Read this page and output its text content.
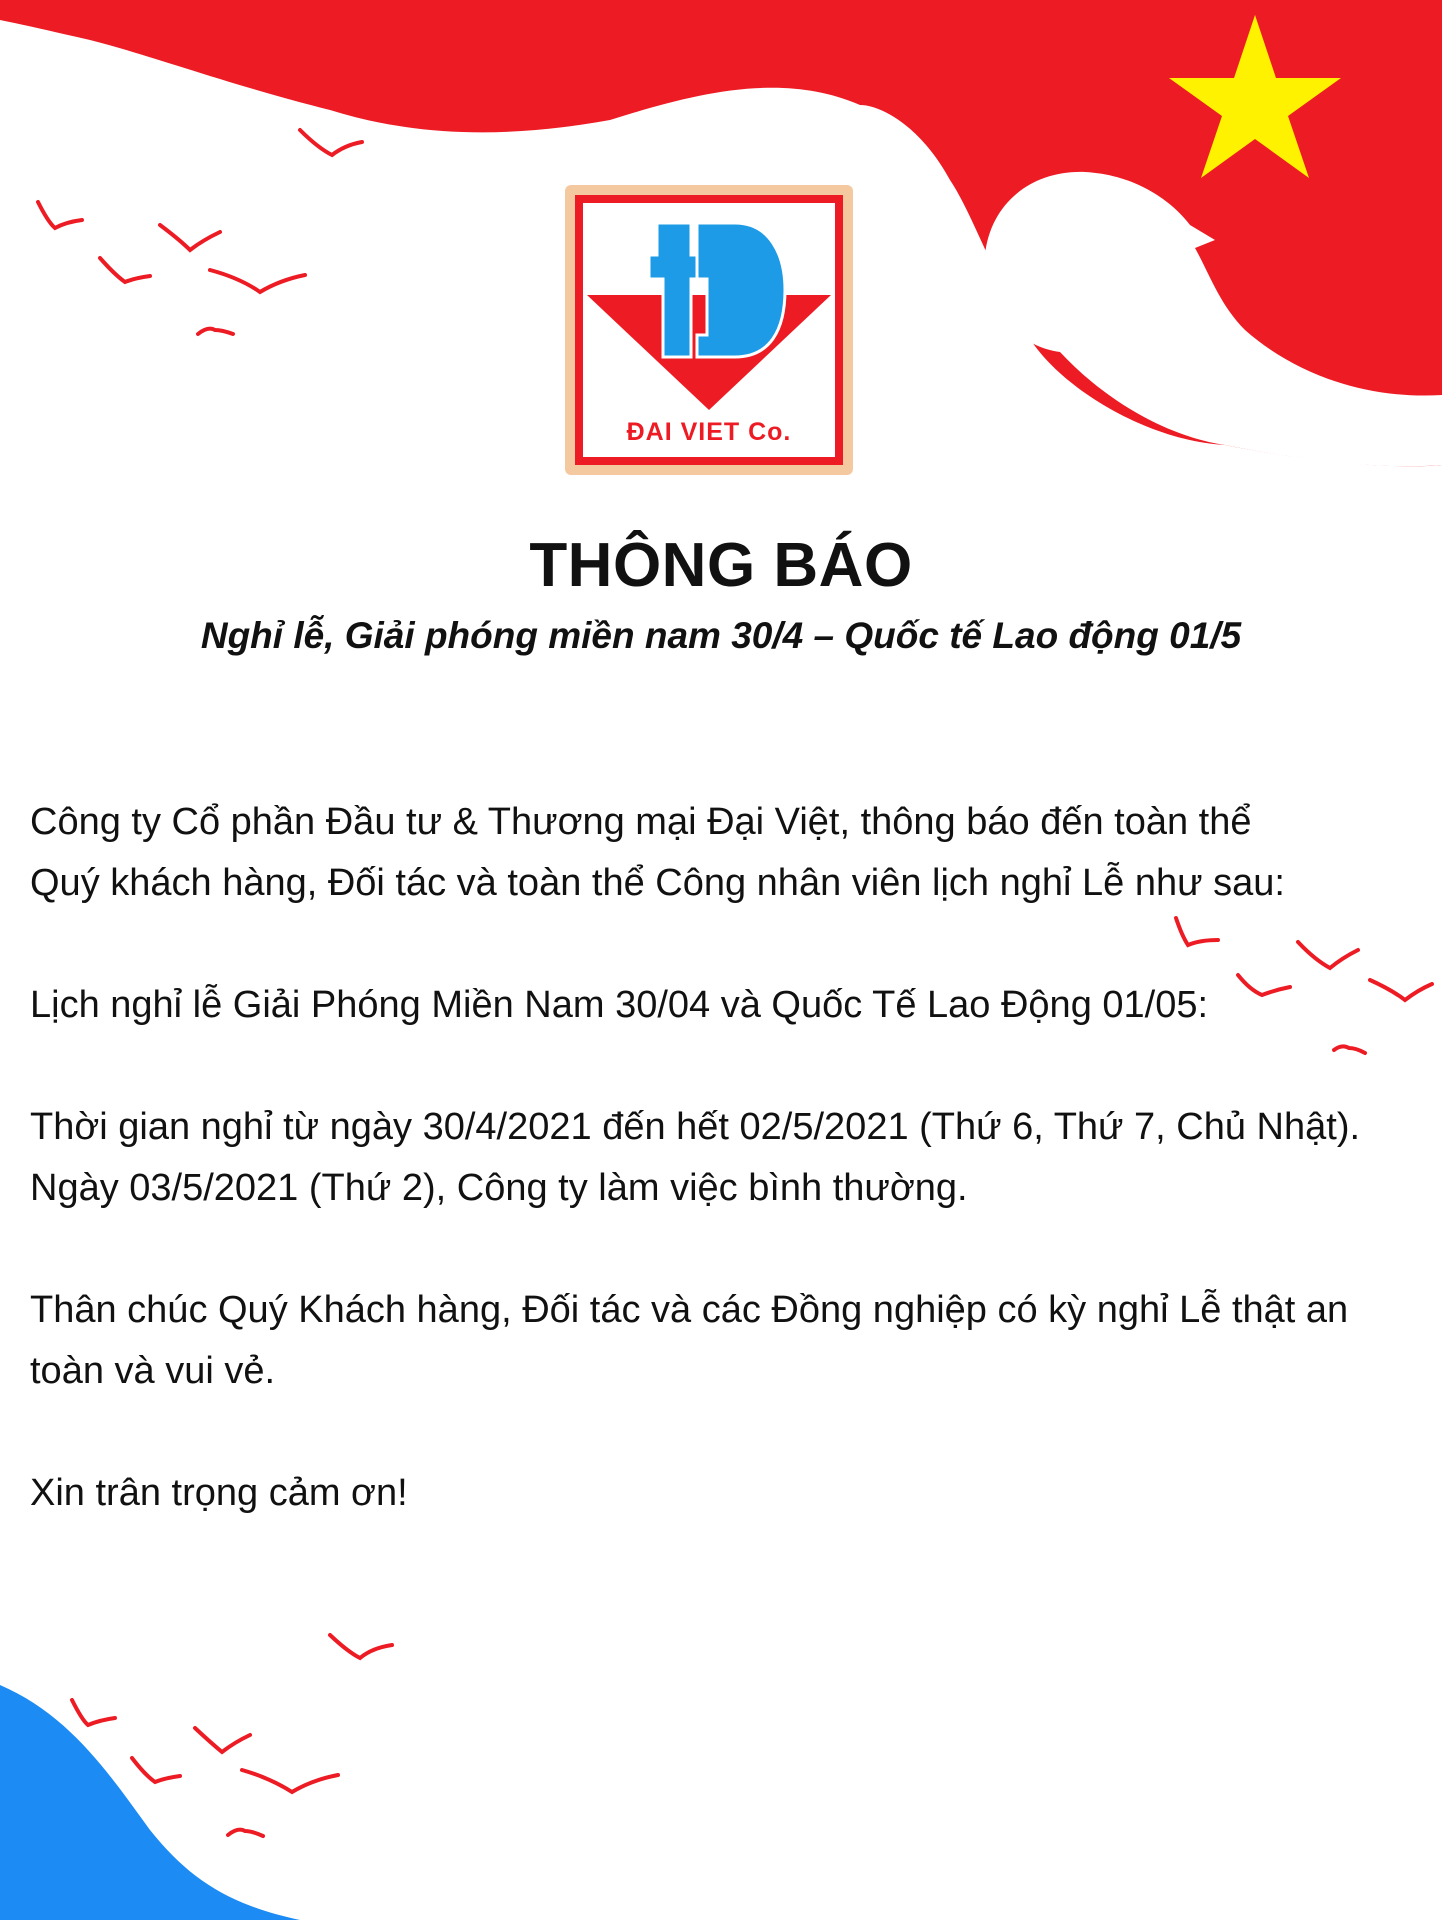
ĐAI VIET Co.
THÔNG BÁO
Nghỉ lễ, Giải phóng miền nam 30/4 – Quốc tế Lao động 01/5

Công ty Cổ phần Đầu tư & Thương mại Đại Việt, thông báo đến toàn thể

Quý khách hàng, Đối tác và toàn thể Công nhân viên lịch nghỉ Lễ như sau:

Lịch nghỉ lễ Giải Phóng Miền Nam 30/04 và Quốc Tế Lao Động 01/05:

Thời gian nghỉ từ ngày 30/4/2021 đến hết 02/5/2021 (Thứ 6, Thứ 7, Chủ Nhật).

Ngày 03/5/2021 (Thứ 2), Công ty làm việc bình thường.

Thân chúc Quý Khách hàng, Đối tác và các Đồng nghiệp có kỳ nghỉ Lễ thật an

toàn và vui vẻ.

Xin trân trọng cảm ơn!
